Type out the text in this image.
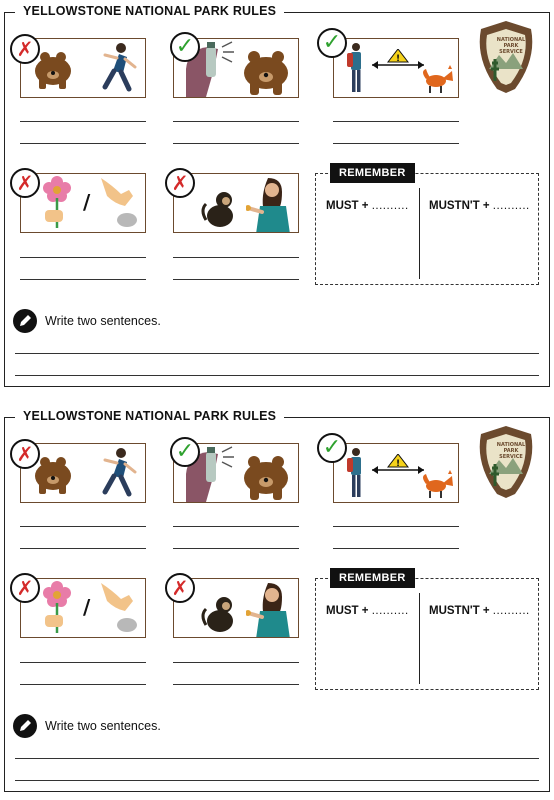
YELLOWSTONE NATIONAL PARK RULES
✗	✓	✓
!
NATIONAL
PARK
SERVICE
✗
/
✗	REMEMBER
MUST + .......... MUSTN'T + ..........
Write two sentences.
YELLOWSTONE NATIONAL PARK RULES
✗	✓	✓
!
NATIONAL
PARK
SERVICE
✗
/
✗	REMEMBER
MUST + .......... MUSTN'T + ..........
Write two sentences.
